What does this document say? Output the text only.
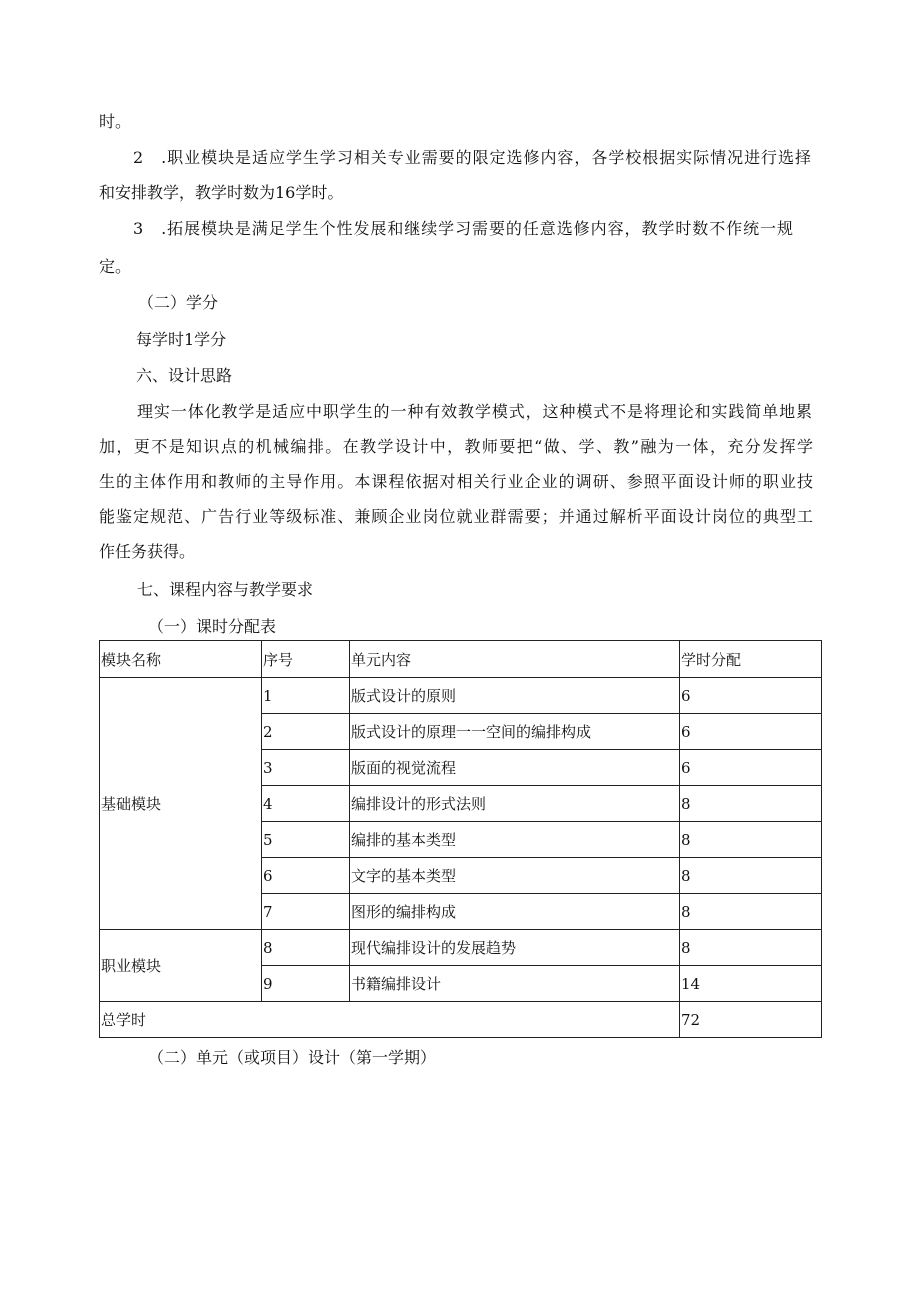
时。
2　.职业模块是适应学生学习相关专业需要的限定选修内容，各学校根据实际情况进行选择
和安排教学，教学时数为16学时。
3　.拓展模块是满足学生个性发展和继续学习需要的任意选修内容，教学时数不作统一规
定。
（二）学分
每学时1学分
六、设计思路
理实一体化教学是适应中职学生的一种有效教学模式，这种模式不是将理论和实践简单地累
加，更不是知识点的机械编排。在教学设计中，教师要把“做、学、教”融为一体，充分发挥学
生的主体作用和教师的主导作用。本课程依据对相关行业企业的调研、参照平面设计师的职业技
能鉴定规范、广告行业等级标准、兼顾企业岗位就业群需要；并通过解析平面设计岗位的典型工
作任务获得。
七、课程内容与教学要求
（一）课时分配表
模块名称	序号	单元内容	学时分配
基础模块	1	版式设计的原则	6
	2	版式设计的原理一一空间的编排构成	6
	3	版面的视觉流程	6
	4	编排设计的形式法则	8
	5	编排的基本类型	8
	6	文字的基本类型	8
	7	图形的编排构成	8
职业模块	8	现代编排设计的发展趋势	8
	9	书籍编排设计	14
总学时			72
（二）单元（或项目）设计（第一学期）
